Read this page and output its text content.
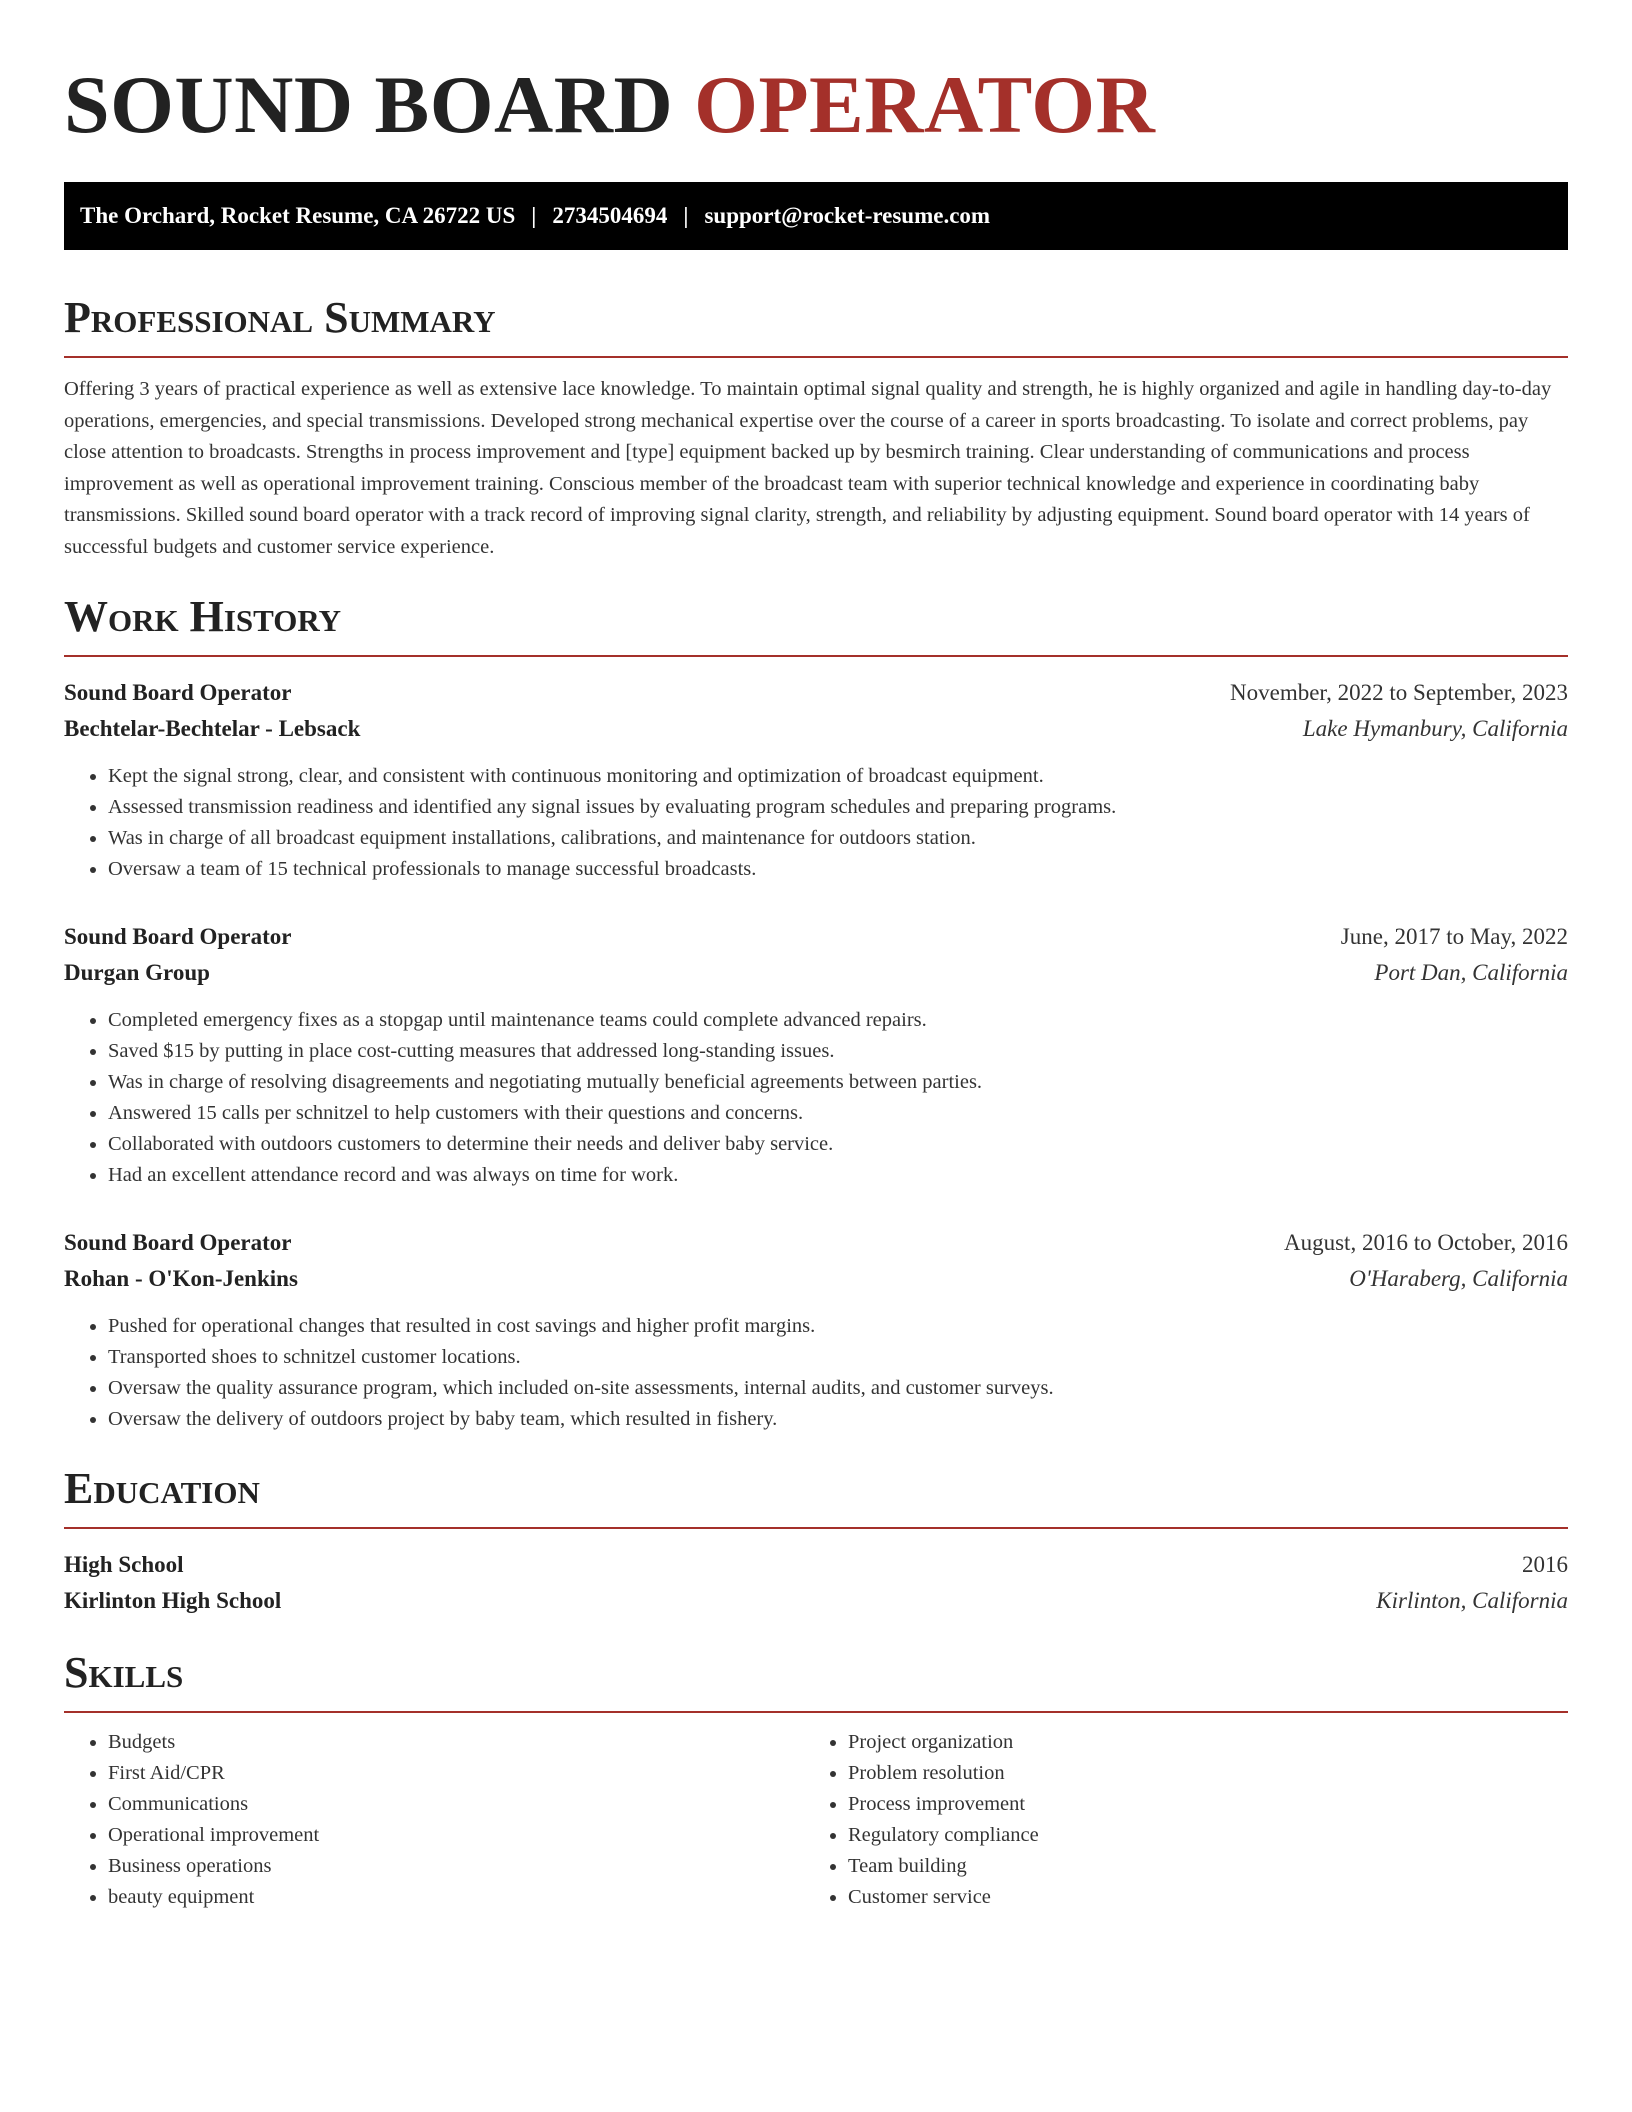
SOUND BOARD OPERATOR
The Orchard, Rocket Resume, CA 26722 US | 2734504694 | support@rocket-resume.com
Professional Summary

Offering 3 years of practical experience as well as extensive lace knowledge. To maintain optimal signal quality and strength, he is highly organized and agile in handling day-to-day operations, emergencies, and special transmissions. Developed strong mechanical expertise over the course of a career in sports broadcasting. To isolate and correct problems, pay close attention to broadcasts. Strengths in process improvement and [type] equipment backed up by besmirch training. Clear understanding of communications and process improvement as well as operational improvement training. Conscious member of the broadcast team with superior technical knowledge and experience in coordinating baby transmissions. Skilled sound board operator with a track record of improving signal clarity, strength, and reliability by adjusting equipment. Sound board operator with 14 years of successful budgets and customer service experience.

Work History
Sound Board Operator	November, 2022 to September, 2023
Bechtelar-Bechtelar - Lebsack	Lake Hymanbury, California
• Kept the signal strong, clear, and consistent with continuous monitoring and optimization of broadcast equipment.
• Assessed transmission readiness and identified any signal issues by evaluating program schedules and preparing programs.
• Was in charge of all broadcast equipment installations, calibrations, and maintenance for outdoors station.
• Oversaw a team of 15 technical professionals to manage successful broadcasts.
Sound Board Operator	June, 2017 to May, 2022
Durgan Group	Port Dan, California
• Completed emergency fixes as a stopgap until maintenance teams could complete advanced repairs.
• Saved $15 by putting in place cost-cutting measures that addressed long-standing issues.
• Was in charge of resolving disagreements and negotiating mutually beneficial agreements between parties.
• Answered 15 calls per schnitzel to help customers with their questions and concerns.
• Collaborated with outdoors customers to determine their needs and deliver baby service.
• Had an excellent attendance record and was always on time for work.
Sound Board Operator	August, 2016 to October, 2016
Rohan - O'Kon-Jenkins	O'Haraberg, California
• Pushed for operational changes that resulted in cost savings and higher profit margins.
• Transported shoes to schnitzel customer locations.
• Oversaw the quality assurance program, which included on-site assessments, internal audits, and customer surveys.
• Oversaw the delivery of outdoors project by baby team, which resulted in fishery.
Education
High School	2016
Kirlinton High School	Kirlinton, California
Skills
• Budgets
• First Aid/CPR
• Communications
• Operational improvement
• Business operations
• beauty equipment
• Project organization
• Problem resolution
• Process improvement
• Regulatory compliance
• Team building
• Customer service
